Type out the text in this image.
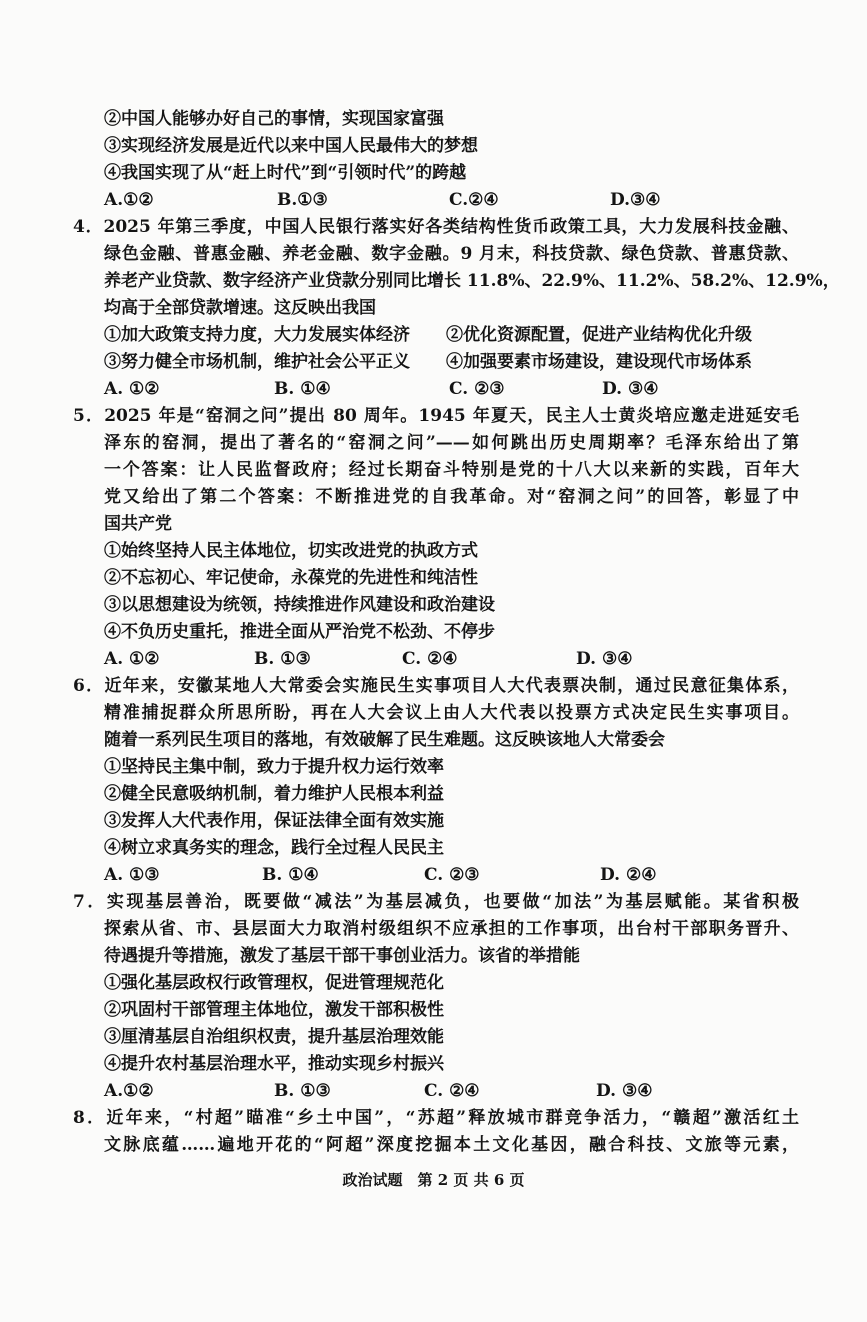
②中国人能够办好自己的事情，实现国家富强
③实现经济发展是近代以来中国人民最伟大的梦想
④我国实现了从“赶上时代”到“引领时代”的跨越
A.①②	B.①③	C.②④	D.③④
4．2025 年第三季度，中国人民银行落实好各类结构性货币政策工具，大力发展科技金融、
绿色金融、普惠金融、养老金融、数字金融。9 月末，科技贷款、绿色贷款、普惠贷款、
养老产业贷款、数字经济产业贷款分别同比增长 11.8%、22.9%、11.2%、58.2%、12.9%，
均高于全部贷款增速。这反映出我国
①加大政策支持力度，大力发展实体经济	②优化资源配置，促进产业结构优化升级
③努力健全市场机制，维护社会公平正义	④加强要素市场建设，建设现代市场体系
A. ①②	B. ①④	C. ②③	D. ③④
5．2025 年是“窑洞之问”提出 80 周年。1945 年夏天，民主人士黄炎培应邀走进延安毛
泽东的窑洞，提出了著名的“窑洞之问”——如何跳出历史周期率？毛泽东给出了第
一个答案：让人民监督政府；经过长期奋斗特别是党的十八大以来新的实践，百年大
党又给出了第二个答案：不断推进党的自我革命。对“窑洞之问”的回答，彰显了中
国共产党
①始终坚持人民主体地位，切实改进党的执政方式
②不忘初心、牢记使命，永葆党的先进性和纯洁性
③以思想建设为统领，持续推进作风建设和政治建设
④不负历史重托，推进全面从严治党不松劲、不停步
A. ①②	B. ①③	C. ②④	D. ③④
6．近年来，安徽某地人大常委会实施民生实事项目人大代表票决制，通过民意征集体系，
精准捕捉群众所思所盼，再在人大会议上由人大代表以投票方式决定民生实事项目。
随着一系列民生项目的落地，有效破解了民生难题。这反映该地人大常委会
①坚持民主集中制，致力于提升权力运行效率
②健全民意吸纳机制，着力维护人民根本利益
③发挥人大代表作用，保证法律全面有效实施
④树立求真务实的理念，践行全过程人民民主
A. ①③	B. ①④	C. ②③	D. ②④
7．实现基层善治，既要做“减法”为基层减负，也要做“加法”为基层赋能。某省积极
探索从省、市、县层面大力取消村级组织不应承担的工作事项，出台村干部职务晋升、
待遇提升等措施，激发了基层干部干事创业活力。该省的举措能
①强化基层政权行政管理权，促进管理规范化
②巩固村干部管理主体地位，激发干部积极性
③厘清基层自治组织权责，提升基层治理效能
④提升农村基层治理水平，推动实现乡村振兴
A.①②	B. ①③	C. ②④	D. ③④
8．近年来，“村超”瞄准“乡土中国”，“苏超”释放城市群竞争活力，“赣超”激活红土
文脉底蕴……遍地开花的“阿超”深度挖掘本土文化基因，融合科技、文旅等元素，
政治试题　第 2 页 共 6 页
